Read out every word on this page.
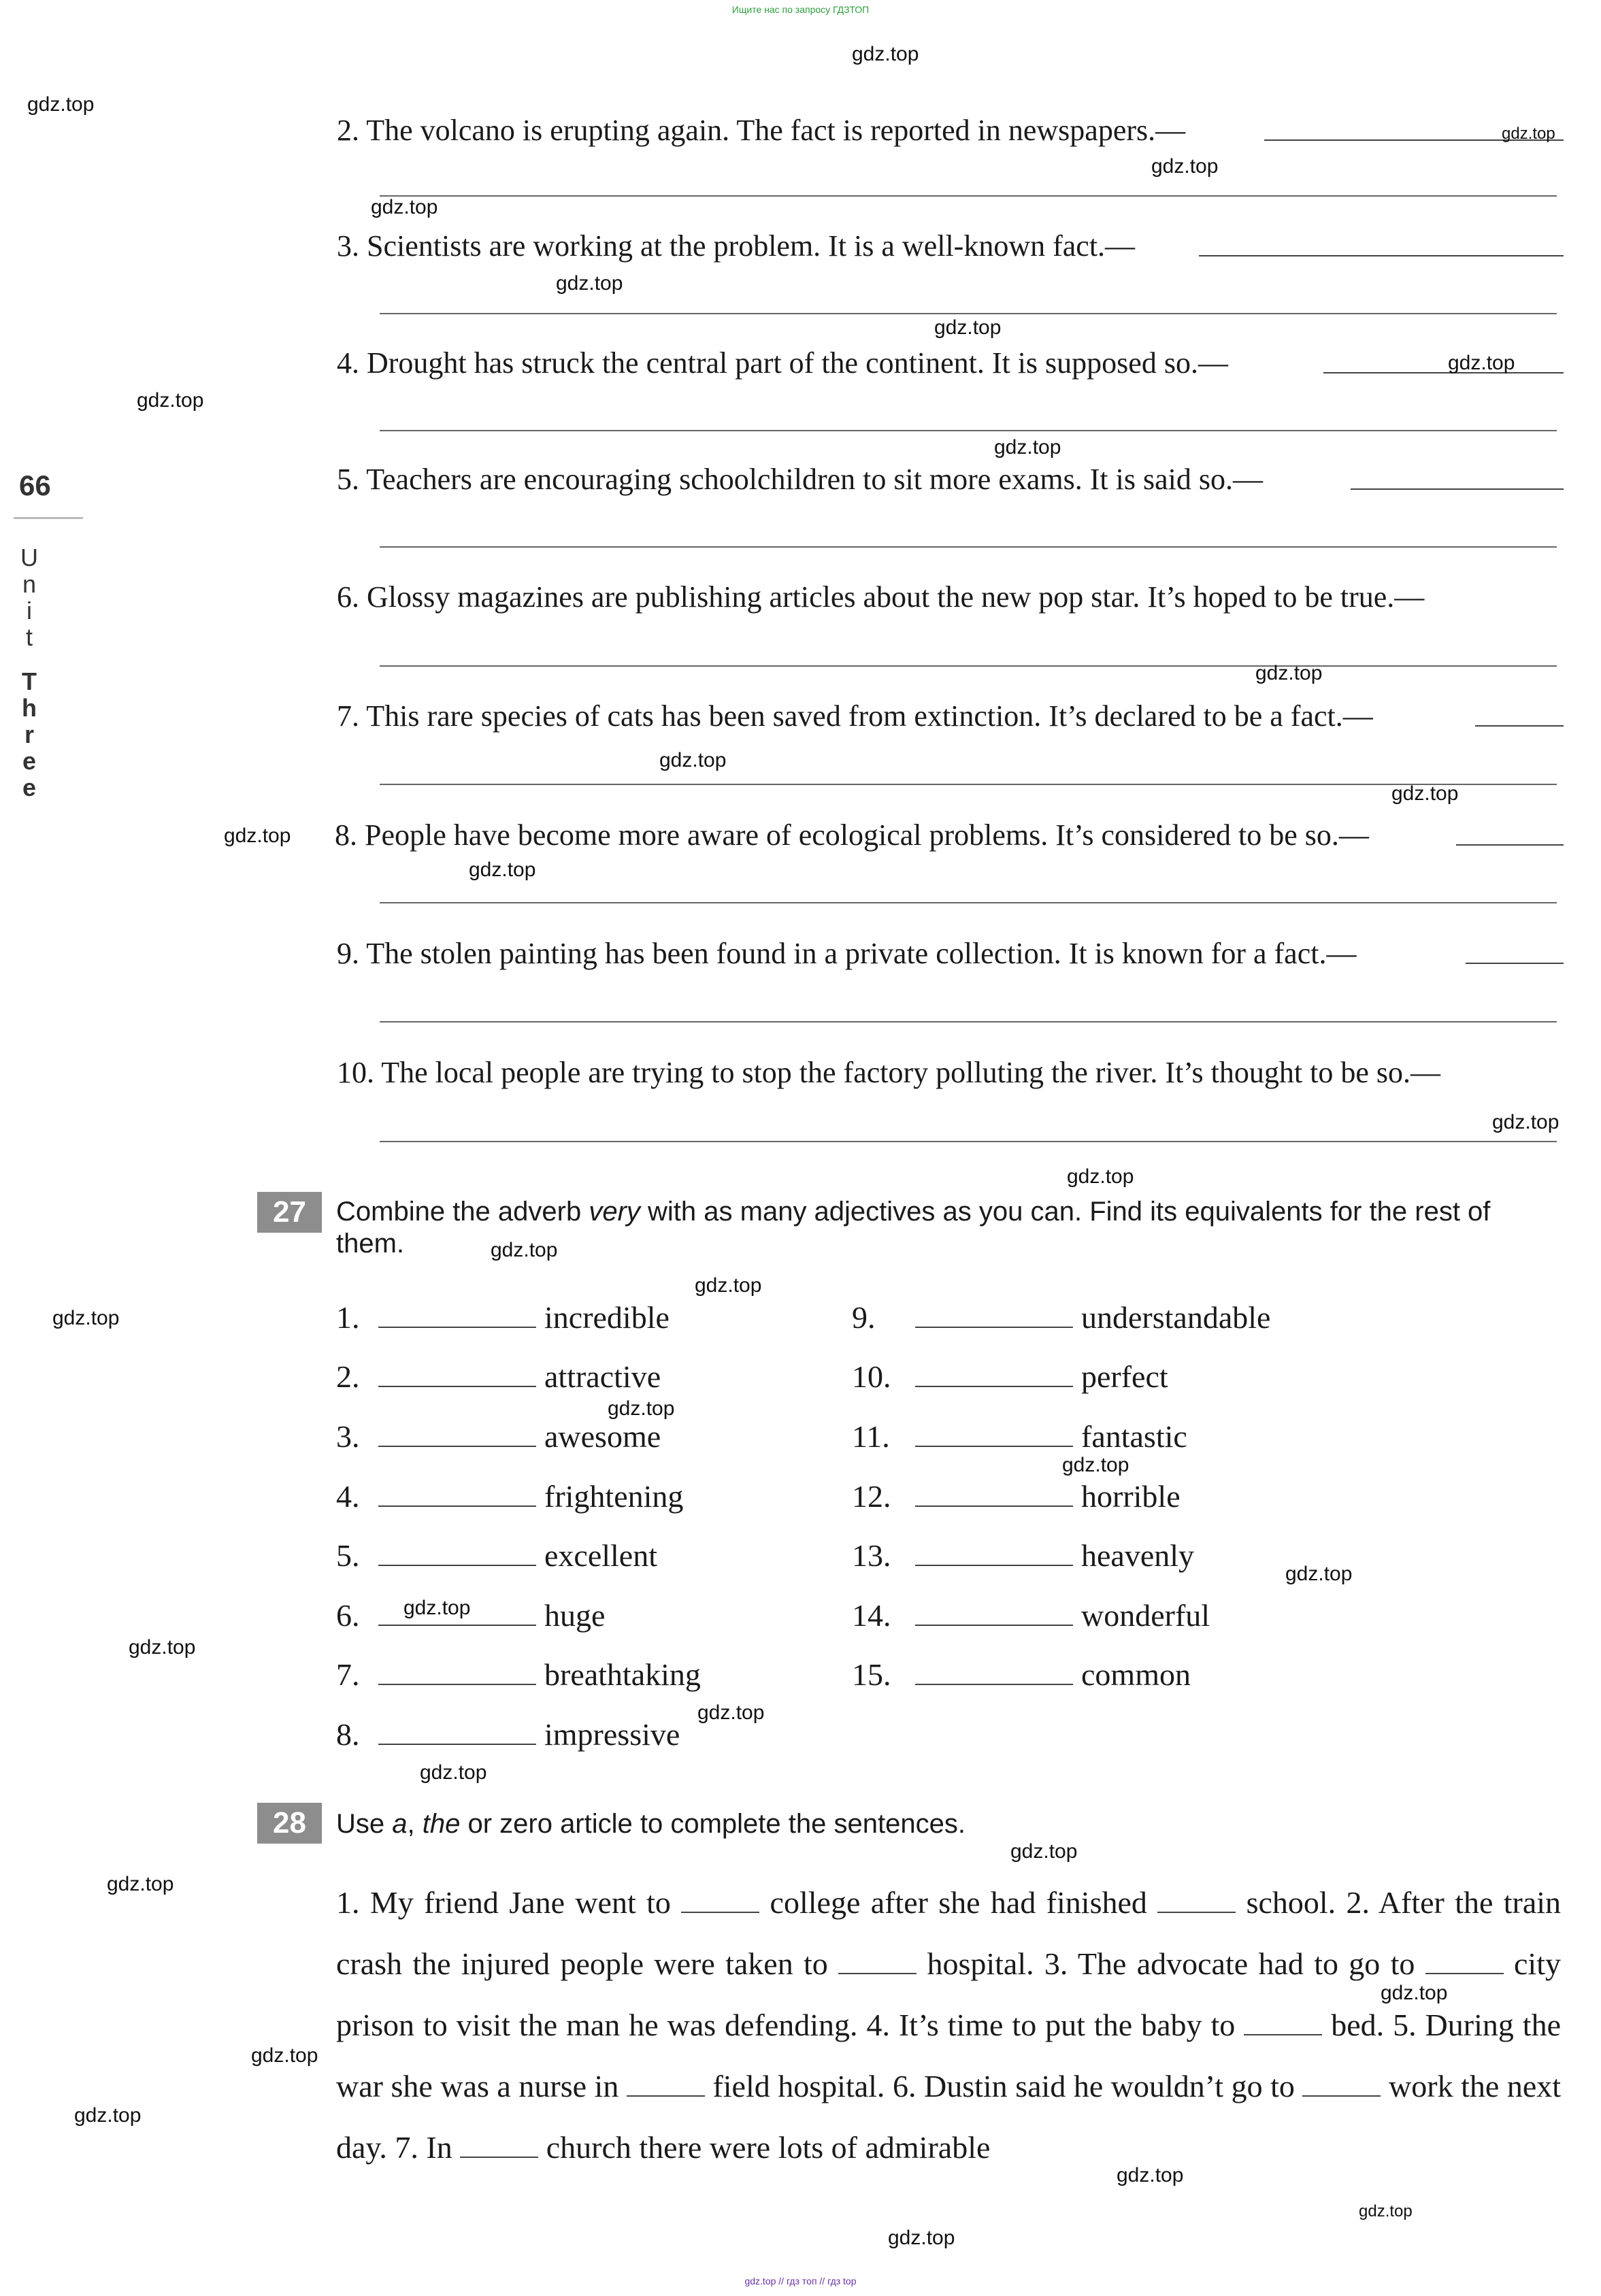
Ищите нас по запросу ГДЗТОП
66
U
n
i
t

T
h
r
e
e
2. The volcano is erupting again. The fact is reported in newspapers.—
3. Scientists are working at the problem. It is a well-known fact.—
4. Drought has struck the central part of the continent. It is supposed so.—
5. Teachers are encouraging schoolchildren to sit more exams. It is said so.—
6. Glossy magazines are publishing articles about the new pop star. It’s hoped to be true.—
7. This rare species of cats has been saved from extinction. It’s declared to be a fact.—
8. People have become more aware of ecological problems. It’s considered to be so.—
9. The stolen painting has been found in a private collection. It is known for a fact.—
10. The local people are trying to stop the factory polluting the river. It’s thought to be so.—
27	Combine the adverb very with as many adjectives as you can. Find its equivalents for the rest of them.
1.	incredible
2.	attractive
3.	awesome
4.	frightening
5.	excellent
6.	huge
7.	breathtaking
8.	impressive
9.	understandable
10.	perfect
11.	fantastic
12.	horrible
13.	heavenly
14.	wonderful
15.	common
28	Use a, the or zero article to complete the sentences.
1. My friend Jane went to	college after she had finished	school. 2. After the train crash the injured people were taken to	hospital. 3. The advocate had to go to	city prison to visit the man he was defending. 4. It’s time to put the baby to	bed. 5. During the war she was a nurse in	field hospital. 6. Dustin said he wouldn’t go to	work the next day. 7. In	church there were lots of admirable
gdz.top
gdz.top
gdz.top
gdz.top
gdz.top
gdz.top
gdz.top
gdz.top
gdz.top
gdz.top
gdz.top
gdz.top
gdz.top
gdz.top
gdz.top
gdz.top
gdz.top
gdz.top
gdz.top
gdz.top
gdz.top
gdz.top
gdz.top
gdz.top
gdz.top
gdz.top
gdz.top
gdz.top
gdz.top
gdz.top
gdz.top
gdz.top
gdz.top
gdz.top
gdz.top
gdz.top // гдз топ // гдз top
